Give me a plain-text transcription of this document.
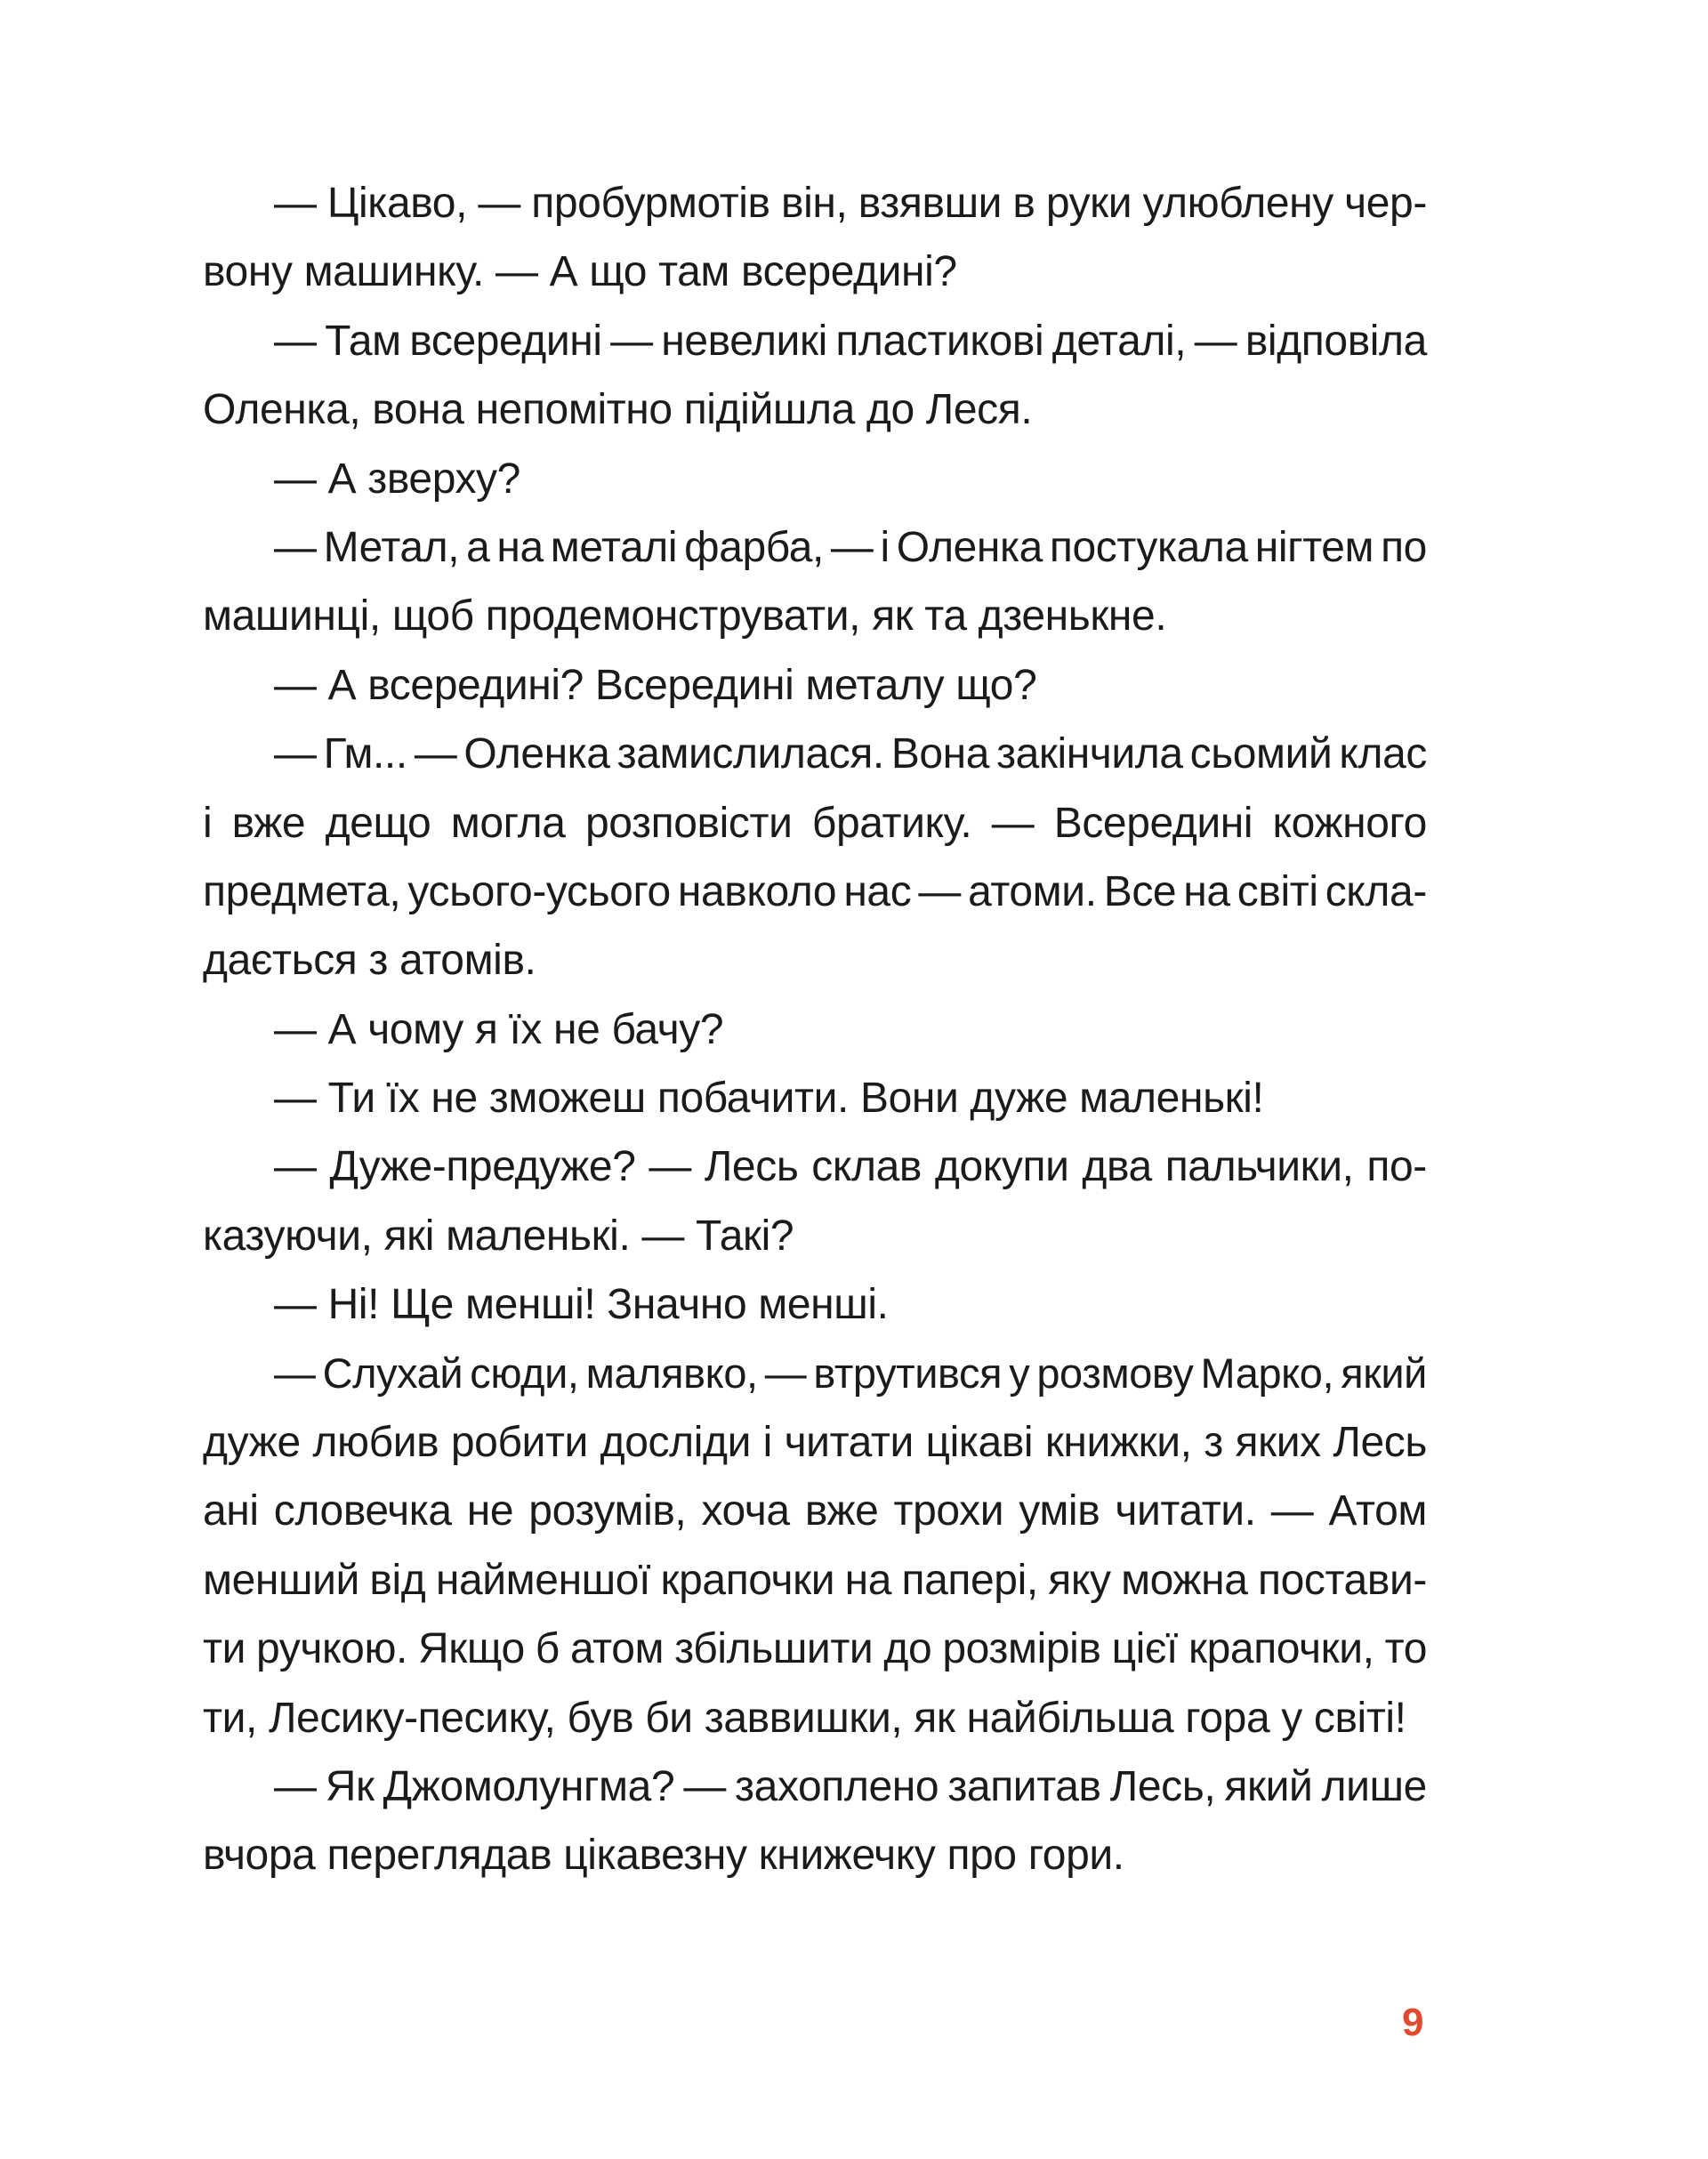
— Цікаво, — пробурмотів він, взявши в руки улюблену чер-
вону машинку. — А що там всередині?
— Там всередині — невеликі пластикові деталі, — відповіла
Оленка, вона непомітно підійшла до Леся.
— А зверху?
— Метал, а на металі фарба, — і Оленка постукала нігтем по
машинці, щоб продемонструвати, як та дзенькне.
— А всередині? Всередині металу що?
— Гм... — Оленка замислилася. Вона закінчила сьомий клас
і вже дещо могла розповісти братику. — Всередині кожного
предмета, усього-усього навколо нас — атоми. Все на світі скла-
дається з атомів.
— А чому я їх не бачу?
— Ти їх не зможеш побачити. Вони дуже маленькі!
— Дуже-предуже? — Лесь склав докупи два пальчики, по-
казуючи, які маленькі. — Такі?
— Ні! Ще менші! Значно менші.
— Слухай сюди, малявко, — втрутився у розмову Марко, який
дуже любив робити досліди і читати цікаві книжки, з яких Лесь
ані словечка не розумів, хоча вже трохи умів читати. — Атом
менший від найменшої крапочки на папері, яку можна постави-
ти ручкою. Якщо б атом збільшити до розмірів цієї крапочки, то
ти, Лесику-песику, був би заввишки, як найбільша гора у світі!
— Як Джомолунгма? — захоплено запитав Лесь, який лише
вчора переглядав цікавезну книжечку про гори.
9
